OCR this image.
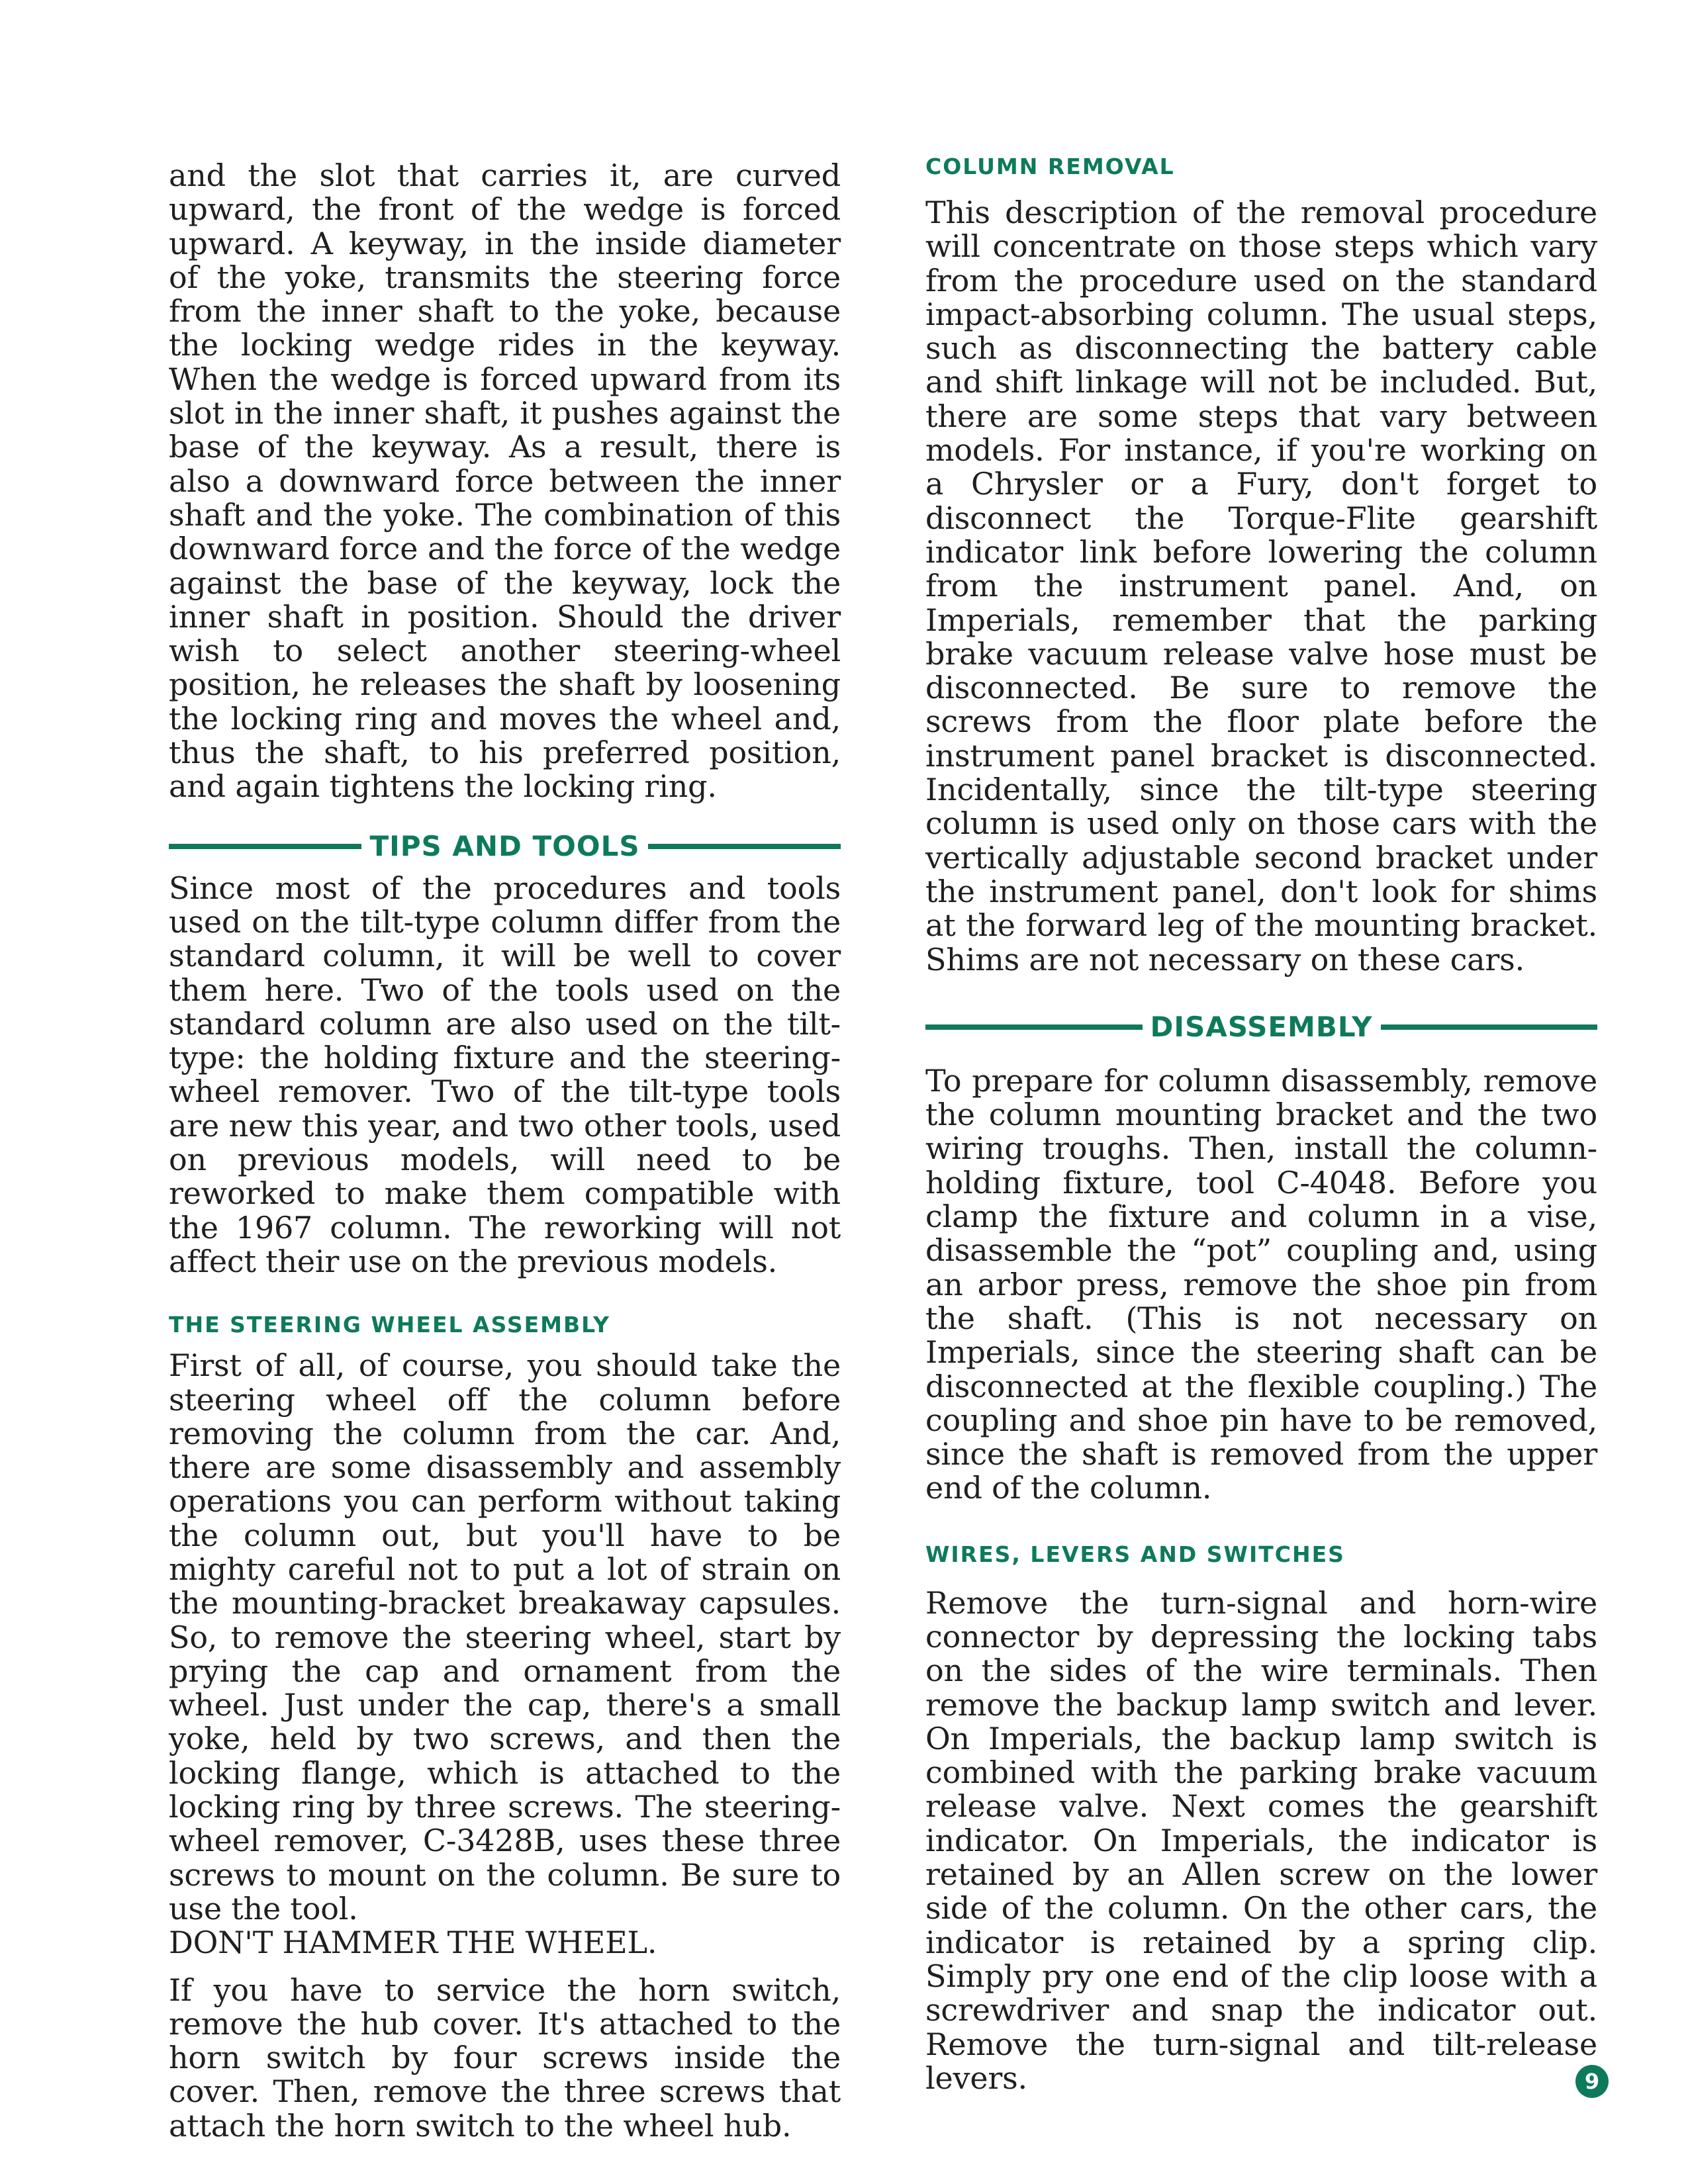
and the slot that carries it, are curved upward, the front of the wedge is forced upward. A keyway, in the inside diameter of the yoke, transmits the steering force from the inner shaft to the yoke, because the locking wedge rides in the keyway. When the wedge is forced upward from its slot in the inner shaft, it pushes against the base of the keyway. As a result, there is also a downward force between the inner shaft and the yoke. The combination of this downward force and the force of the wedge against the base of the keyway, lock the inner shaft in position. Should the driver wish to select another steering-wheel position, he releases the shaft by loosening the locking ring and moves the wheel and, thus the shaft, to his preferred position, and again tightens the locking ring.

TIPS AND TOOLS

Since most of the procedures and tools used on the tilt-type column differ from the standard column, it will be well to cover them here. Two of the tools used on the standard column are also used on the tilt-type: the holding fixture and the steering-wheel remover. Two of the tilt-type tools are new this year, and two other tools, used on previous models, will need to be reworked to make them compatible with the 1967 column. The reworking will not affect their use on the previous models.

THE STEERING WHEEL ASSEMBLY

First of all, of course, you should take the steering wheel off the column before removing the column from the car. And, there are some disassembly and assembly operations you can perform without taking the column out, but you'll have to be mighty careful not to put a lot of strain on the mounting-bracket breakaway capsules. So, to remove the steering wheel, start by prying the cap and ornament from the wheel. Just under the cap, there's a small yoke, held by two screws, and then the locking flange, which is attached to the locking ring by three screws. The steering-wheel remover, C-3428B, uses these three screws to mount on the column. Be sure to use the tool.

DON'T HAMMER THE WHEEL.

If you have to service the horn switch, remove the hub cover. It's attached to the horn switch by four screws inside the cover. Then, remove the three screws that attach the horn switch to the wheel hub.

COLUMN REMOVAL

This description of the removal procedure will concentrate on those steps which vary from the procedure used on the standard impact-absorbing column. The usual steps, such as disconnecting the battery cable and shift linkage will not be included. But, there are some steps that vary between models. For instance, if you're working on a Chrysler or a Fury, don't forget to disconnect the Torque-Flite gearshift indicator link before lowering the column from the instrument panel. And, on Imperials, remember that the parking brake vacuum release valve hose must be disconnected. Be sure to remove the screws from the floor plate before the instrument panel bracket is disconnected. Incidentally, since the tilt-type steering column is used only on those cars with the vertically adjustable second bracket under the instrument panel, don't look for shims at the forward leg of the mounting bracket. Shims are not necessary on these cars.

DISASSEMBLY

To prepare for column disassembly, remove the column mounting bracket and the two wiring troughs. Then, install the column-holding fixture, tool C-4048. Before you clamp the fixture and column in a vise, disassemble the “pot” coupling and, using an arbor press, remove the shoe pin from the shaft. (This is not necessary on Imperials, since the steering shaft can be disconnected at the flexible coupling.) The coupling and shoe pin have to be removed, since the shaft is removed from the upper end of the column.

WIRES, LEVERS AND SWITCHES

Remove the turn-signal and horn-wire connector by depressing the locking tabs on the sides of the wire terminals. Then remove the backup lamp switch and lever. On Imperials, the backup lamp switch is combined with the parking brake vacuum release valve. Next comes the gearshift indicator. On Imperials, the indicator is retained by an Allen screw on the lower side of the column. On the other cars, the indicator is retained by a spring clip. Simply pry one end of the clip loose with a screwdriver and snap the indicator out. Remove the turn-signal and tilt-release levers.	9
